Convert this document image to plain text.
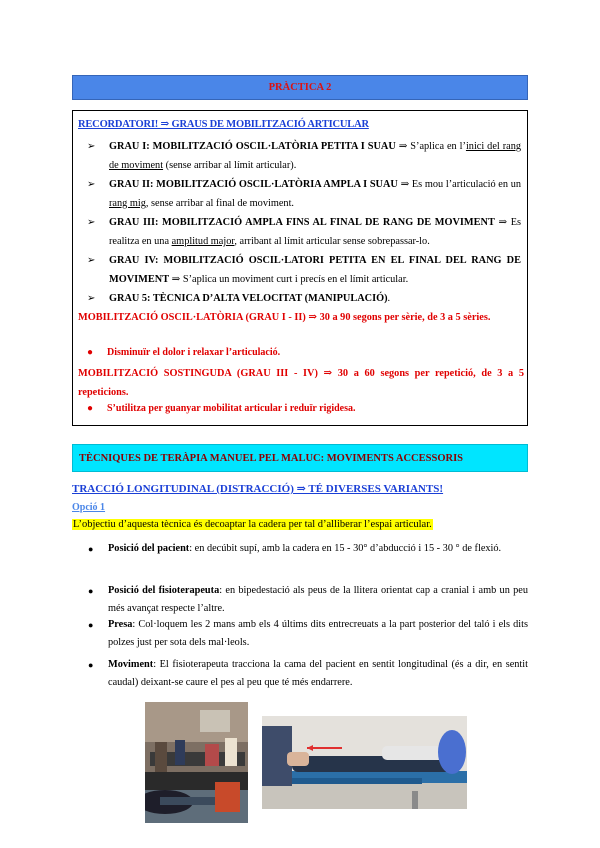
PRÀCTICA 2
RECORDATORI! ⇒ GRAUS DE MOBILITZACIÓ ARTICULAR
➢ GRAU I: MOBILITZACIÓ OSCIL·LATÒRIA PETITA I SUAU ⇒ S’aplica en l’inici del rang de moviment (sense arribar al límit articular).
➢ GRAU II: MOBILITZACIÓ OSCIL·LATÒRIA AMPLA I SUAU ⇒ Es mou l’articulació en un rang mig, sense arribar al final de moviment.
➢ GRAU III: MOBILITZACIÓ AMPLA FINS AL FINAL DE RANG DE MOVIMENT ⇒ Es realitza en una amplitud major, arribant al límit articular sense sobrepassar-lo.
➢ GRAU IV: MOBILITZACIÓ OSCIL·LATORI PETITA EN EL FINAL DEL RANG DE MOVIMENT ⇒ S’aplica un moviment curt i precís en el límit articular.
➢ GRAU 5: TÈCNICA D’ALTA VELOCITAT (MANIPULACIÓ).
MOBILITZACIÓ OSCIL·LATÒRIA (GRAU I - II) ⇒ 30 a 90 segons per sèrie, de 3 a 5 sèries.
● Disminuïr el dolor i relaxar l’articulació.
MOBILITZACIÓ SOSTINGUDA (GRAU III - IV) ⇒ 30 a 60 segons per repetició, de 3 a 5 repeticions.
● S’utilitza per guanyar mobilitat articular i reduïr rigidesa.
TÈCNIQUES DE TERÀPIA MANUEL PEL MALUC: MOVIMENTS ACCESSORIS
TRACCIÓ LONGITUDINAL (DISTRACCIÓ) ⇒ TÉ DIVERSES VARIANTS!
Opció 1
L’objectiu d’aquesta tècnica és decoaptar la cadera per tal d’alliberar l’espai articular.
● Posició del pacient: en decúbit supí, amb la cadera en 15 - 30° d’abducció i 15 - 30 ° de flexió.
● Posició del fisioterapeuta: en bipedestació als peus de la llitera orientat cap a cranial i amb un peu més avançat respecte l’altre.
● Presa: Col·loquem les 2 mans amb els 4 últims dits entrecreuats a la part posterior del taló i els dits polzes just per sota dels mal·leols.
● Moviment: El fisioterapeuta tracciona la cama del pacient en sentit longitudinal (és a dir, en sentit caudal) deixant-se caure el pes al peu que té més endarrere.
